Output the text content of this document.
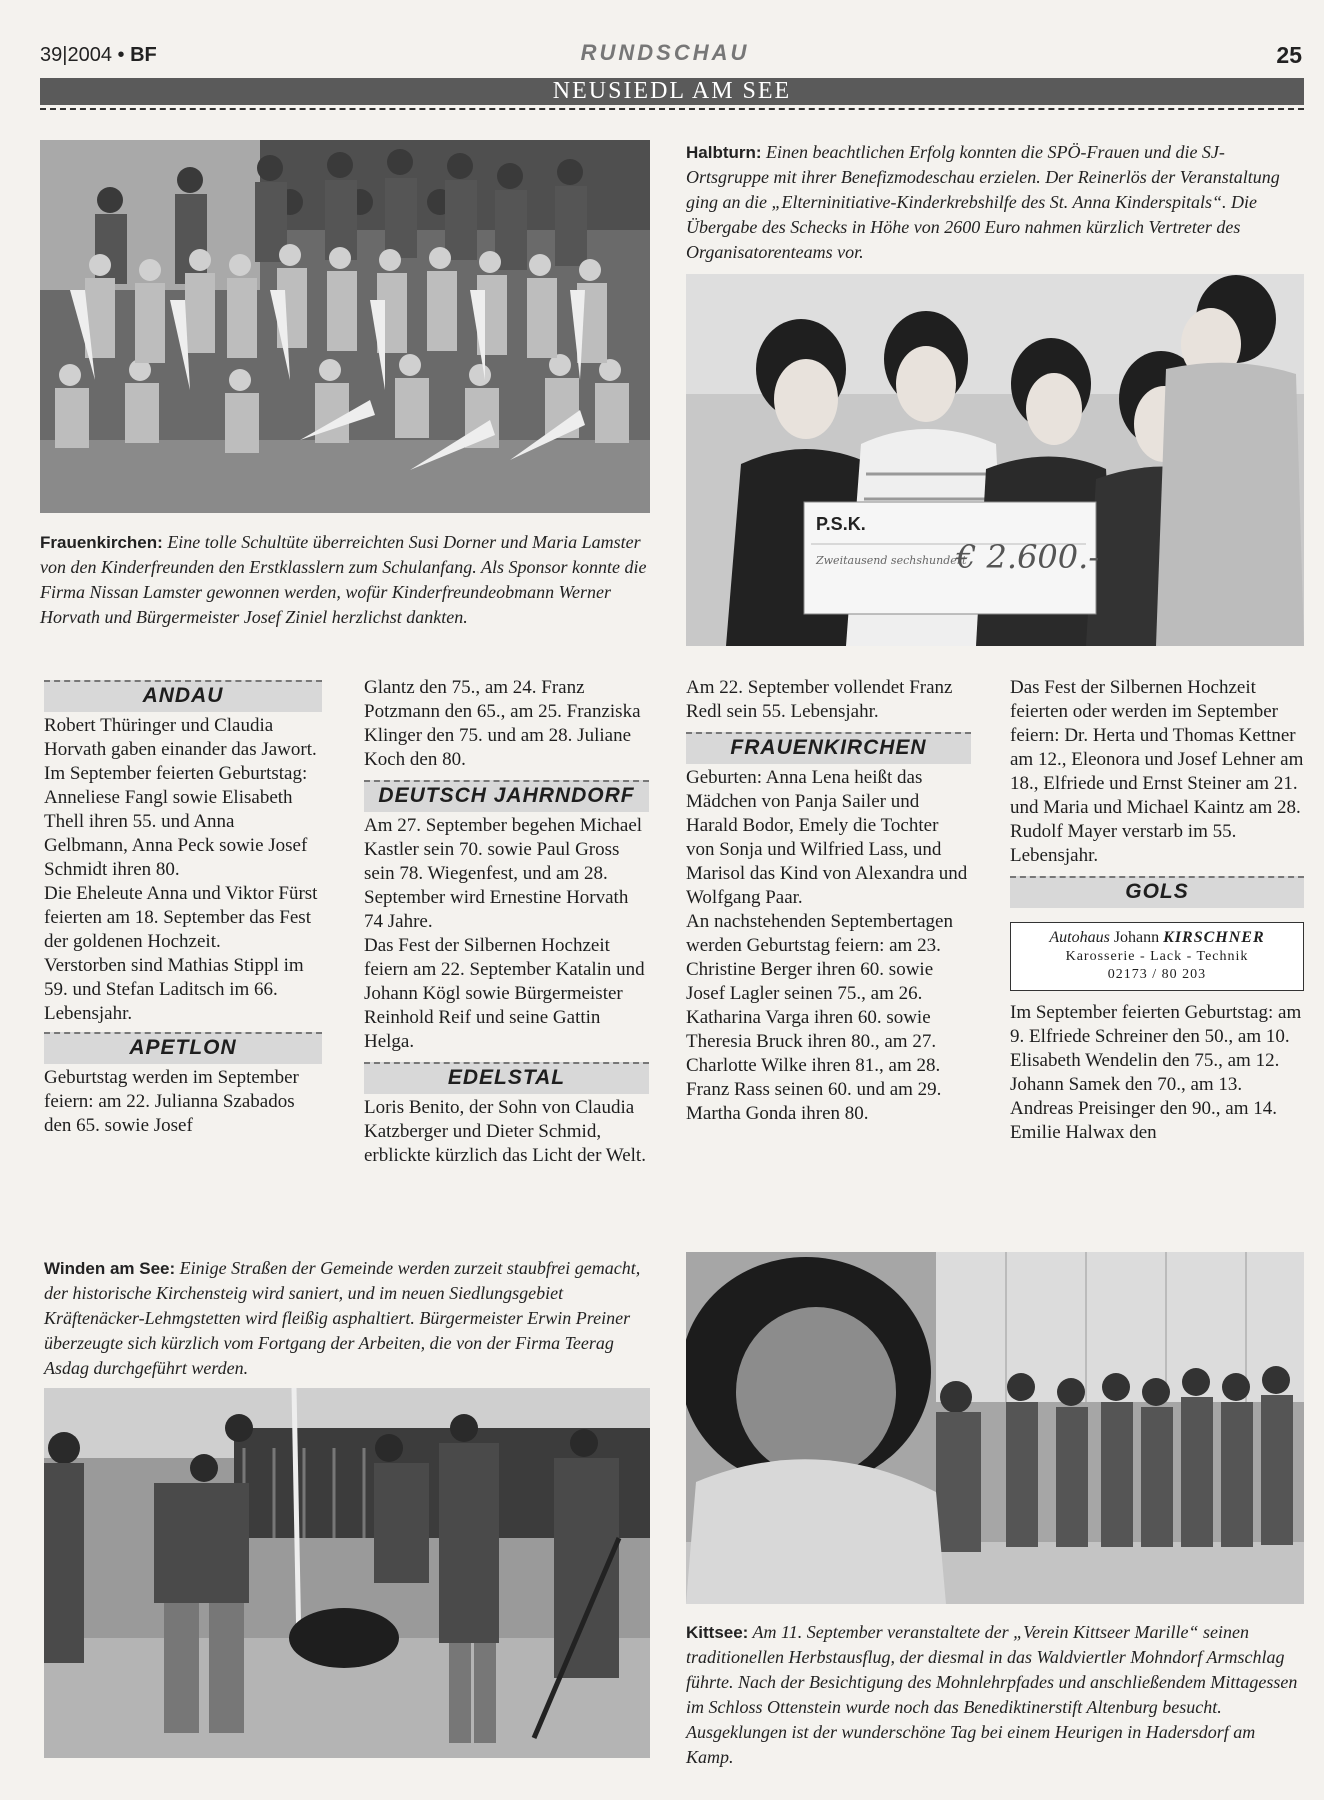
39|2004 • BF	RUNDSCHAU	25
NEUSIEDL AM SEE
Frauenkirchen: Eine tolle Schultüte überreichten Susi Dorner und Maria Lamster von den Kinderfreunden den Erstklasslern zum Schulanfang. Als Sponsor konnte die Firma Nissan Lamster gewonnen werden, wofür Kinderfreundeobmann Werner Horvath und Bürgermeister Josef Ziniel herzlichst dankten.
Halbturn: Einen beachtlichen Erfolg konnten die SPÖ-Frauen und die SJ-Ortsgruppe mit ihrer Benefizmodeschau erzielen. Der Reinerlös der Veranstaltung ging an die „Elterninitiative-Kinderkrebshilfe des St. Anna Kinderspitals“. Die Übergabe des Schecks in Höhe von 2600 Euro nahmen kürzlich Vertreter des Organisatorenteams vor.
P.S.K.
Zweitausend sechshundert
€ 2.600.-
ANDAU

Robert Thüringer und Claudia Horvath gaben einander das Jawort.

Im September feierten Geburtstag: Anneliese Fangl sowie Elisabeth Thell ihren 55. und Anna Gelbmann, Anna Peck sowie Josef Schmidt ihren 80.

Die Eheleute Anna und Viktor Fürst feierten am 18. September das Fest der goldenen Hochzeit.

Verstorben sind Mathias Stippl im 59. und Stefan Laditsch im 66. Lebensjahr.

APETLON

Geburtstag werden im September feiern: am 22. Julianna Szabados den 65. sowie Josef

Glantz den 75., am 24. Franz Potzmann den 65., am 25. Franziska Klinger den 75. und am 28. Juliane Koch den 80.

DEUTSCH JAHRNDORF

Am 27. September begehen Michael Kastler sein 70. sowie Paul Gross sein 78. Wiegenfest, und am 28. September wird Ernestine Horvath 74 Jahre.

Das Fest der Silbernen Hochzeit feiern am 22. September Katalin und Johann Kögl sowie Bürgermeister Reinhold Reif und seine Gattin Helga.

EDELSTAL

Loris Benito, der Sohn von Claudia Katzberger und Dieter Schmid, erblickte kürzlich das Licht der Welt.

Am 22. September vollendet Franz Redl sein 55. Lebensjahr.

FRAUENKIRCHEN

Geburten: Anna Lena heißt das Mädchen von Panja Sailer und Harald Bodor, Emely die Tochter von Sonja und Wilfried Lass, und Marisol das Kind von Alexandra und Wolfgang Paar.

An nachstehenden Septembertagen werden Geburtstag feiern: am 23. Christine Berger ihren 60. sowie Josef Lagler seinen 75., am 26. Katharina Varga ihren 60. sowie Theresia Bruck ihren 80., am 27. Charlotte Wilke ihren 81., am 28. Franz Rass seinen 60. und am 29. Martha Gonda ihren 80.

Das Fest der Silbernen Hochzeit feierten oder werden im September feiern: Dr. Herta und Thomas Kettner am 12., Eleonora und Josef Lehner am 18., Elfriede und Ernst Steiner am 21. und Maria und Michael Kaintz am 28.

Rudolf Mayer verstarb im 55. Lebensjahr.

GOLS
Autohaus Johann KIRSCHNER
Karosserie - Lack - Technik
02173 / 80 203

Im September feierten Geburtstag: am 9. Elfriede Schreiner den 50., am 10. Elisabeth Wendelin den 75., am 12. Johann Samek den 70., am 13. Andreas Preisinger den 90., am 14. Emilie Halwax den

Winden am See: Einige Straßen der Gemeinde werden zurzeit staubfrei gemacht, der historische Kirchensteig wird saniert, und im neuen Siedlungsgebiet Kräftenäcker-Lehmgstetten wird fleißig asphaltiert. Bürgermeister Erwin Preiner überzeugte sich kürzlich vom Fortgang der Arbeiten, die von der Firma Teerag Asdag durchgeführt werden.
Kittsee: Am 11. September veranstaltete der „Verein Kittseer Marille“ seinen traditionellen Herbstausflug, der diesmal in das Waldviertler Mohndorf Armschlag führte. Nach der Besichtigung des Mohnlehrpfades und anschließendem Mittagessen im Schloss Ottenstein wurde noch das Benediktinerstift Altenburg besucht. Ausgeklungen ist der wunderschöne Tag bei einem Heurigen in Hadersdorf am Kamp.
